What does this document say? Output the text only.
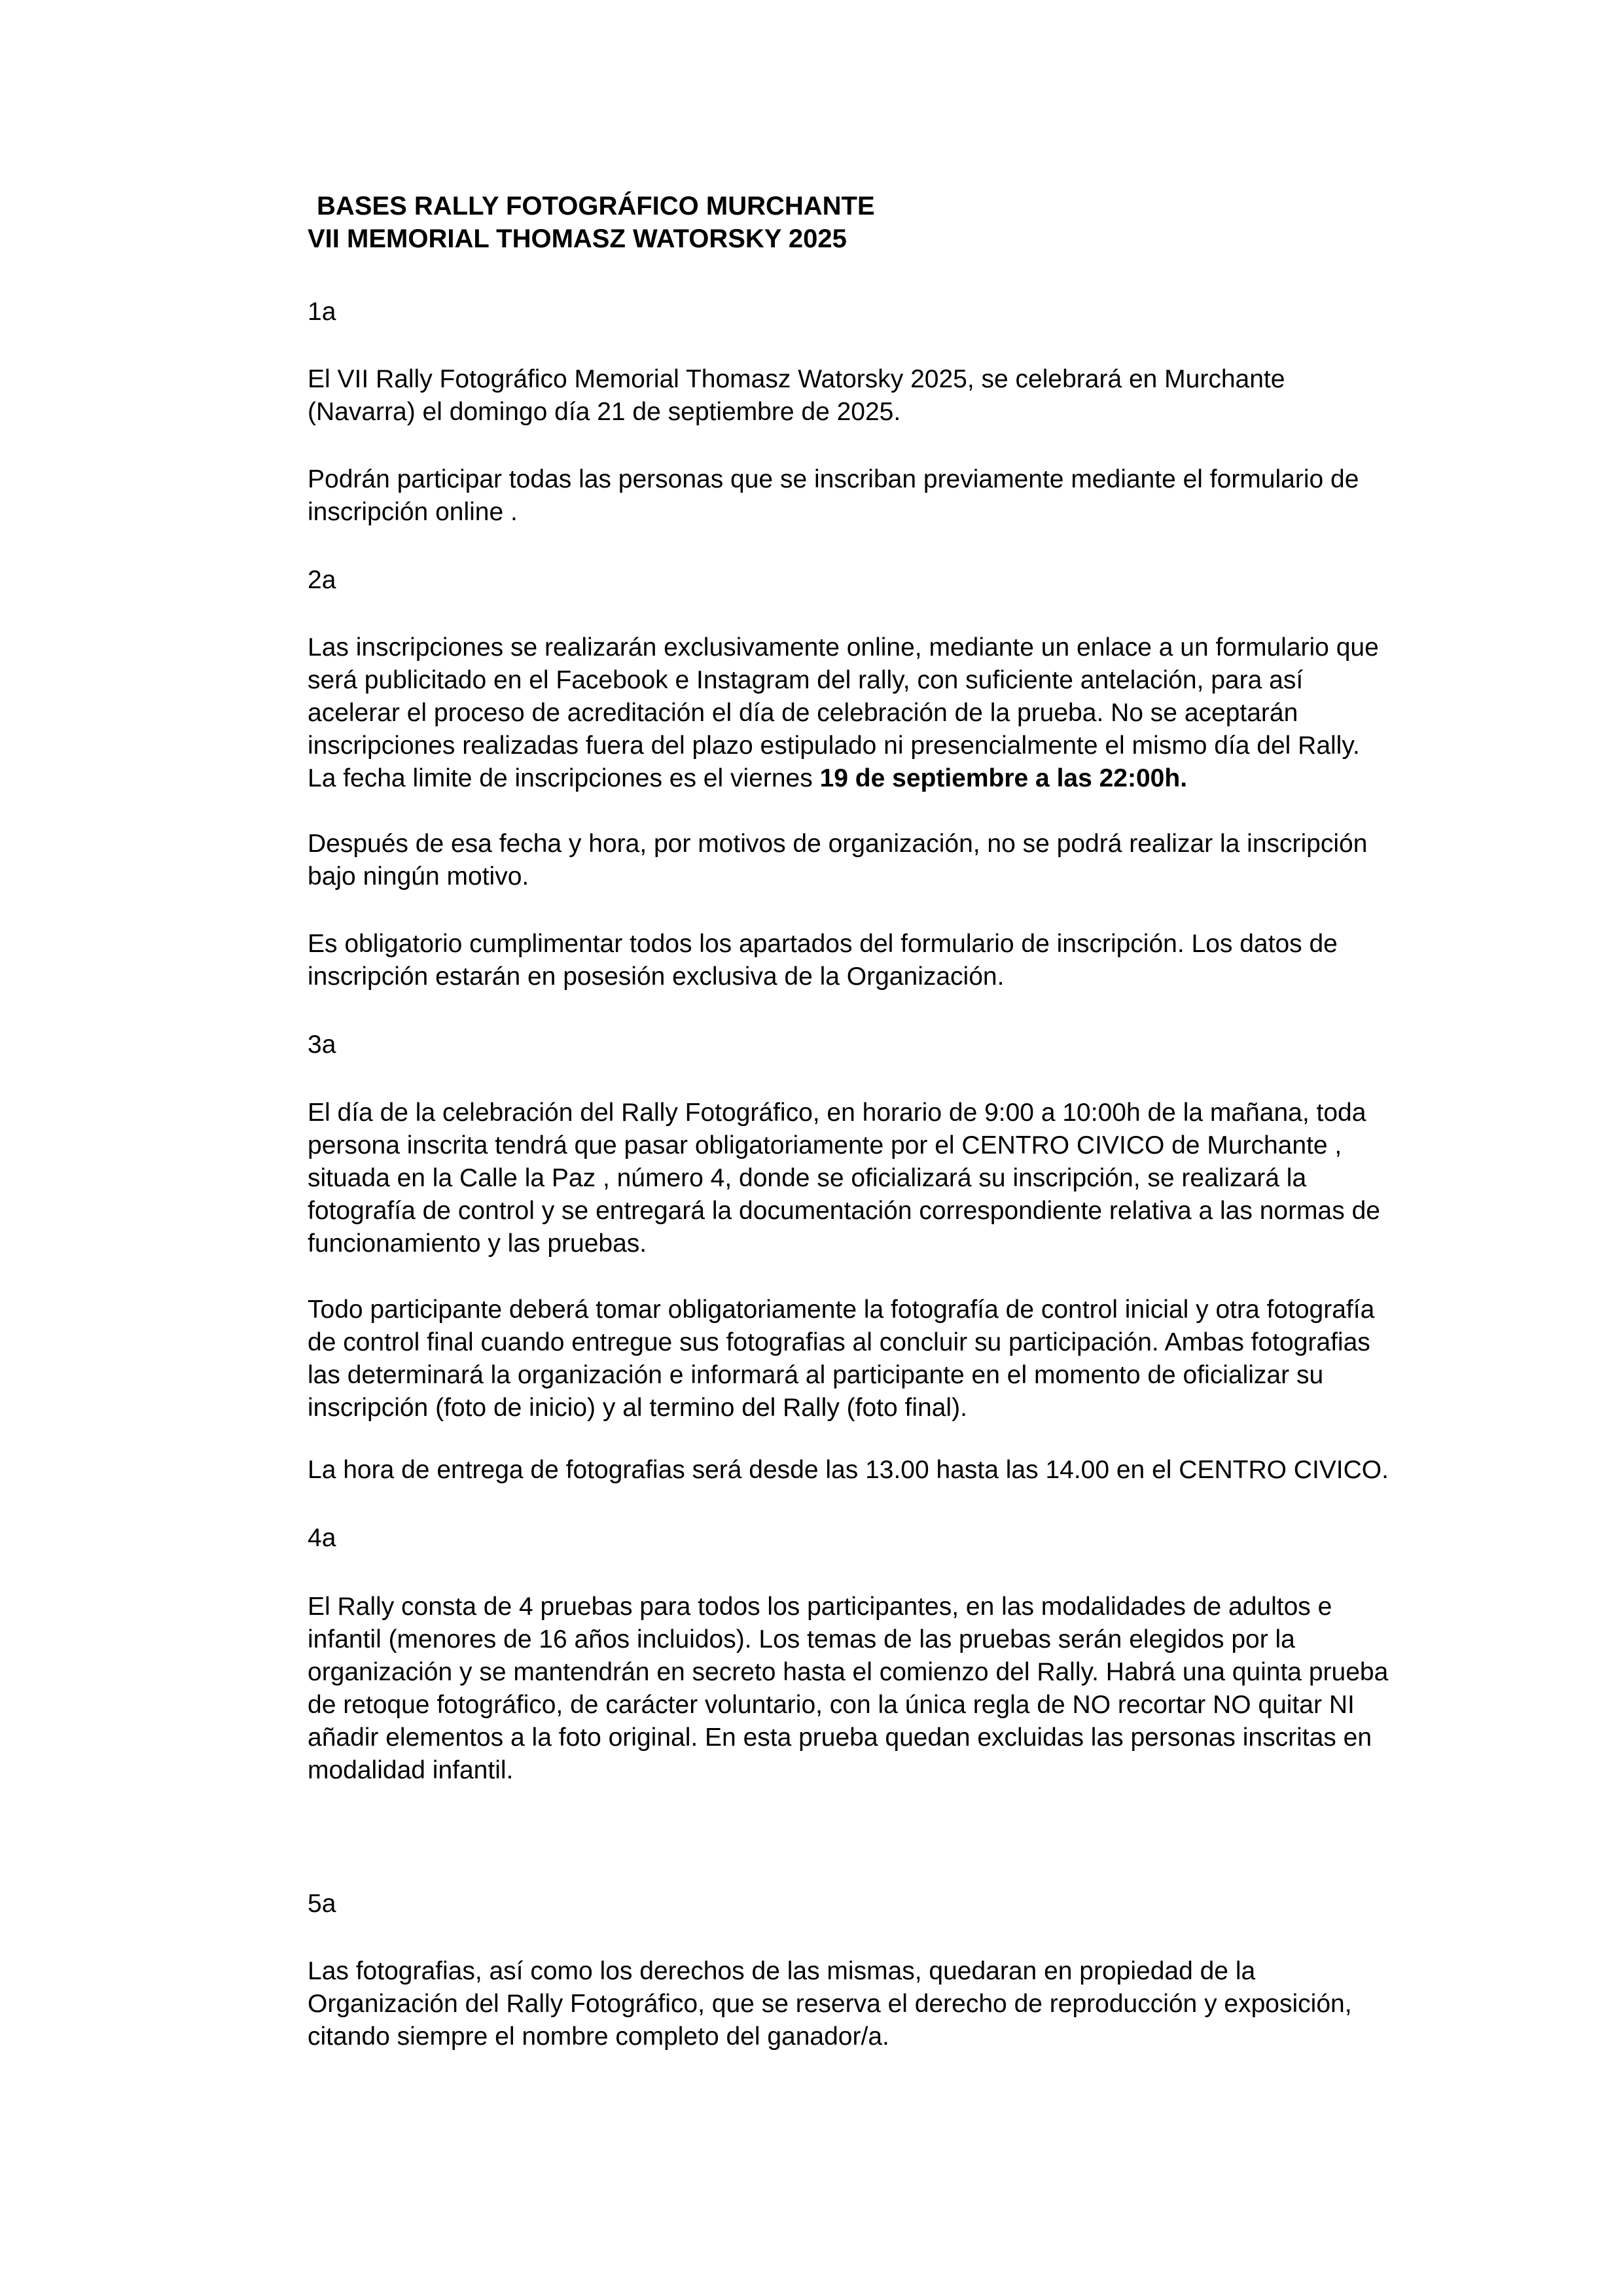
BASES RALLY FOTOGRÁFICO MURCHANTE
VII MEMORIAL THOMASZ WATORSKY 2025
1a

El VII Rally Fotográfico Memorial Thomasz Watorsky 2025, se celebrará en Murchante
(Navarra) el domingo día 21 de septiembre de 2025.

Podrán participar todas las personas que se inscriban previamente mediante el formulario de
inscripción online .

2a

Las inscripciones se realizarán exclusivamente online, mediante un enlace a un formulario que
será publicitado en el Facebook e Instagram del rally, con suficiente antelación, para así
acelerar el proceso de acreditación el día de celebración de la prueba. No se aceptarán
inscripciones realizadas fuera del plazo estipulado ni presencialmente el mismo día del Rally.
La fecha limite de inscripciones es el viernes 19 de septiembre a las 22:00h.

Después de esa fecha y hora, por motivos de organización, no se podrá realizar la inscripción
bajo ningún motivo.

Es obligatorio cumplimentar todos los apartados del formulario de inscripción. Los datos de
inscripción estarán en posesión exclusiva de la Organización.

3a

El día de la celebración del Rally Fotográfico, en horario de 9:00 a 10:00h de la mañana, toda
persona inscrita tendrá que pasar obligatoriamente por el CENTRO CIVICO de Murchante ,
situada en la Calle la Paz , número 4, donde se oficializará su inscripción, se realizará la
fotografía de control y se entregará la documentación correspondiente relativa a las normas de
funcionamiento y las pruebas.

Todo participante deberá tomar obligatoriamente la fotografía de control inicial y otra fotografía
de control final cuando entregue sus fotografias al concluir su participación. Ambas fotografias
las determinará la organización e informará al participante en el momento de oficializar su
inscripción (foto de inicio) y al termino del Rally (foto final).

La hora de entrega de fotografias será desde las 13.00 hasta las 14.00 en el CENTRO CIVICO.

4a

El Rally consta de 4 pruebas para todos los participantes, en las modalidades de adultos e
infantil (menores de 16 años incluidos). Los temas de las pruebas serán elegidos por la
organización y se mantendrán en secreto hasta el comienzo del Rally. Habrá una quinta prueba
de retoque fotográfico, de carácter voluntario, con la única regla de NO recortar NO quitar NI
añadir elementos a la foto original. En esta prueba quedan excluidas las personas inscritas en
modalidad infantil.

5a

Las fotografias, así como los derechos de las mismas, quedaran en propiedad de la
Organización del Rally Fotográfico, que se reserva el derecho de reproducción y exposición,
citando siempre el nombre completo del ganador/a.
